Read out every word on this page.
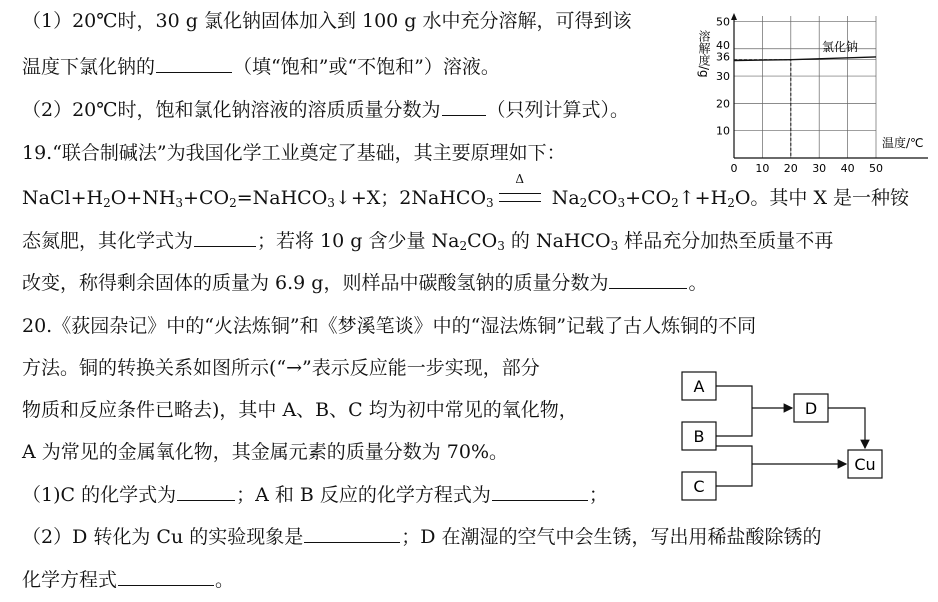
（1）20℃时，30 g 氯化钠固体加入到 100 g 水中充分溶解，可得到该
温度下氯化钠的	（填“饱和”或“不饱和”）溶液。
（2）20℃时，饱和氯化钠溶液的溶质质量分数为 （只列计算式）。
19.“联合制碱法”为我国化学工业奠定了基础，其主要原理如下：
$NaCl+H_2O+NH_3+CO_2=NaHCO_3↓+X$；2NaHCO$_3$
Δ
$Na_2CO_3+CO_2↑+H_2O$。其中 X 是一种铵
态氮肥，其化学式为	；若将 10 g 含少量 $Na_2CO_3$ 的 NaHCO$_3$ 样品充分加热至质量不再
改变，称得剩余固体的质量为 6.9 g，则样品中碳酸氢钠的质量分数为	。
20.《荻园杂记》中的“火法炼铜”和《梦溪笔谈》中的“湿法炼铜”记载了古人炼铜的不同
方法。铜的转换关系如图所示(“→”表示反应能一步实现，部分
物质和反应条件已略去)，其中 A、B、C 均为初中常见的氧化物，
A 为常见的金属氧化物，其金属元素的质量分数为 70%。
（1)C 的化学式为	；A 和 B 反应的化学方程式为	；
（2）D 转化为 Cu 的实验现象是	；D 在潮湿的空气中会生锈，写出用稀盐酸除锈的
化学方程式	。
0 10 20 30 40 50
10
20
30
36
40
50
溶解度/g
温度/℃
氯化钠
A
B
C
D
Cu
